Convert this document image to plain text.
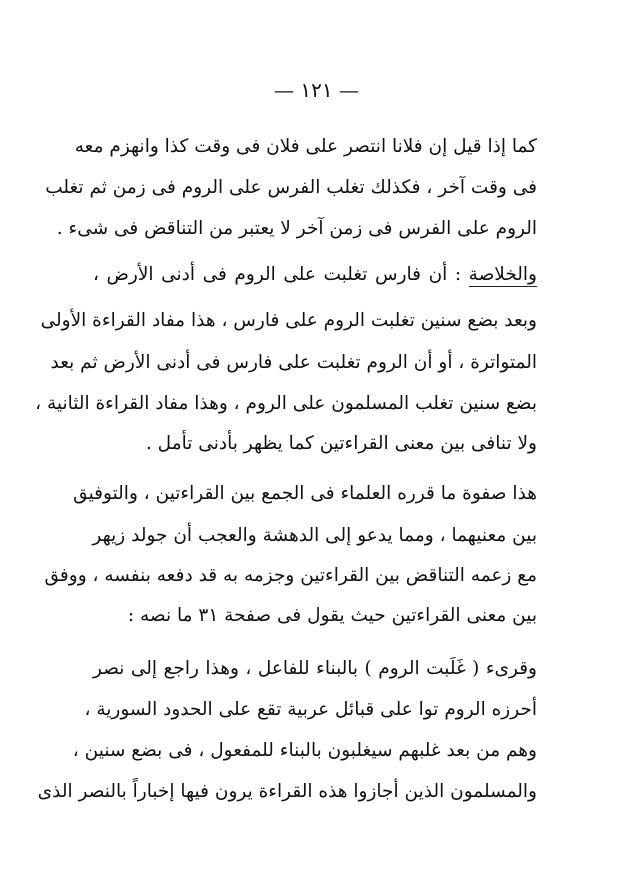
— ١٢١ —
كما إذا قيل إن فلانا انتصر على فلان فى وقت كذا وانهزم معه
فى وقت آخر ، فكذلك تغلب الفرس على الروم فى زمن ثم تغلب
الروم على الفرس فى زمن آخر لا يعتبر من التناقض فى شىء .
والخلاصة : أن فارس تغلبت على الروم فى أدنى الأرض ،
وبعد بضع سنين تغلبت الروم على فارس ، هذا مفاد القراءة الأولى
المتواترة ، أو أن الروم تغلبت على فارس فى أدنى الأرض ثم بعد
بضع سنين تغلب المسلمون على الروم ، وهذا مفاد القراءة الثانية ،
ولا تنافى بين معنى القراءتين كما يظهر بأدنى تأمل .
هذا صفوة ما قرره العلماء فى الجمع بين القراءتين ، والتوفيق
بين معنيهما ، ومما يدعو إلى الدهشة والعجب أن جولد زيهر
مع زعمه التناقض بين القراءتين وجزمه به قد دفعه بنفسه ، ووفق
بين معنى القراءتين حيث يقول فى صفحة ٣١ ما نصه :
وقرىء ( غَلَبت الروم ) بالبناء للفاعل ، وهذا راجع إلى نصر
أحرزه الروم توا على قبائل عربية تقع على الحدود السورية ،
وهم من بعد غلبهم سيغلبون بالبناء للمفعول ، فى بضع سنين ،
والمسلمون الذين أجازوا هذه القراءة يرون فيها إخباراً بالنصر الذى
